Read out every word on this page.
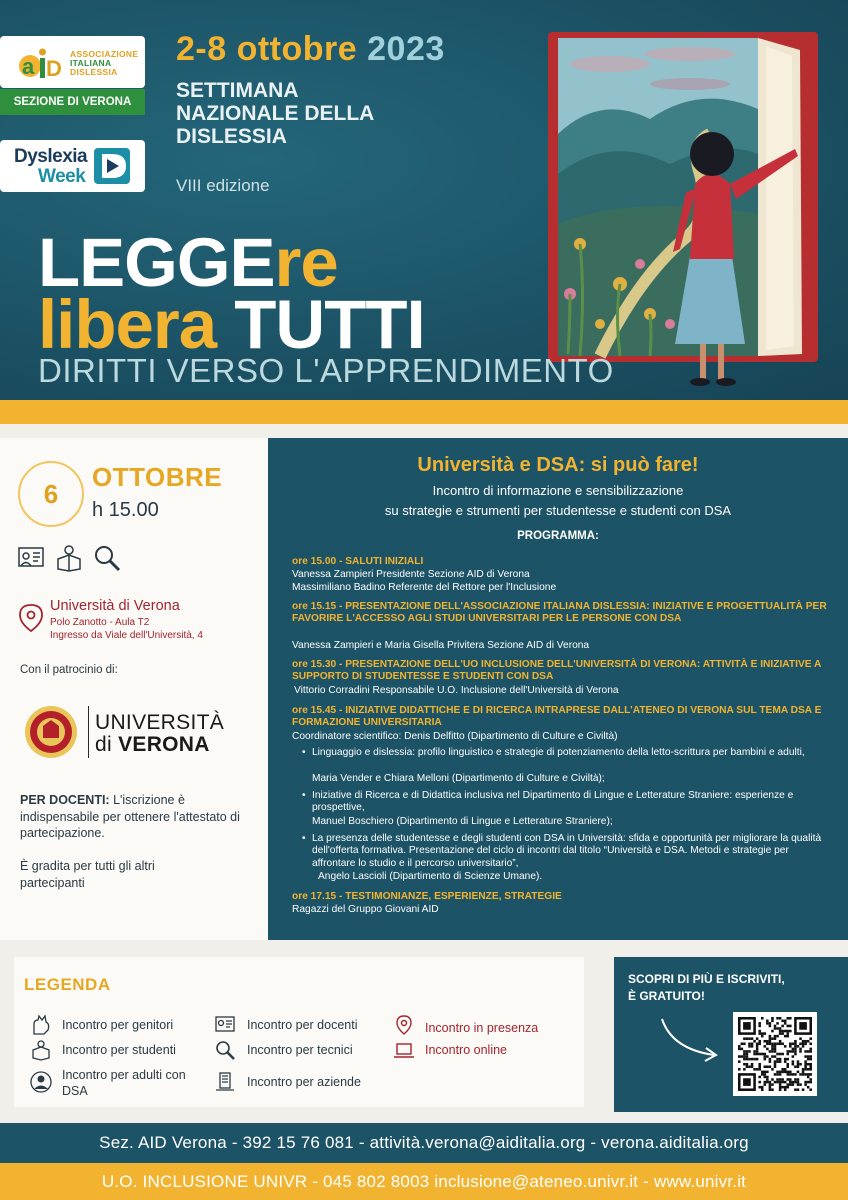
a D
ASSOCIAZIONE
ITALIANA
DISLESSIA
SEZIONE DI VERONA
Dyslexia
Week
2-8 ottobre 2023
SETTIMANA NAZIONALE DELLA DISLESSIA
VIII edizione
LEGGEre
libera TUTTI
DIRITTI VERSO L'APPRENDIMENTO
6
OTTOBRE
h 15.00
Università di Verona
Polo Zanotto - Aula T2
Ingresso da Viale dell'Università, 4
Con il patrocinio di:
UNIVERSITÀ
di VERONA
PER DOCENTI: L'iscrizione è indispensabile per ottenere l'attestato di partecipazione.
È gradita per tutti gli altri partecipanti
Università e DSA: si può fare!
Incontro di informazione e sensibilizzazione
su strategie e strumenti per studentesse e studenti con DSA
PROGRAMMA:
ore 15.00 - SALUTI INIZIALI
Vanessa Zampieri Presidente Sezione AID di Verona
Massimiliano Badino Referente del Rettore per l'Inclusione
ore 15.15 - PRESENTAZIONE DELL'ASSOCIAZIONE ITALIANA DISLESSIA: INIZIATIVE E PROGETTUALITÀ PER FAVORIRE L'ACCESSO AGLI STUDI UNIVERSITARI PER LE PERSONE CON DSA
Vanessa Zampieri e Maria Gisella Privitera Sezione AID di Verona
ore 15.30 - PRESENTAZIONE DELL'UO INCLUSIONE DELL'UNIVERSITÀ DI VERONA: ATTIVITÀ E INIZIATIVE A SUPPORTO DI STUDENTESSE E STUDENTI CON DSA
Vittorio Corradini Responsabile U.O. Inclusione dell'Università di Verona
ore 15.45 - INIZIATIVE DIDATTICHE E DI RICERCA INTRAPRESE DALL'ATENEO DI VERONA SUL TEMA DSA E FORMAZIONE UNIVERSITARIA
Coordinatore scientifico: Denis Delfitto (Dipartimento di Culture e Civiltà)
• Linguaggio e dislessia: profilo linguistico e strategie di potenziamento della letto-scrittura per bambini e adulti,
Maria Vender e Chiara Melloni (Dipartimento di Culture e Civiltà);
• Iniziative di Ricerca e di Didattica inclusiva nel Dipartimento di Lingue e Letterature Straniere: esperienze e prospettive,
Manuel Boschiero (Dipartimento di Lingue e Letterature Straniere);
• La presenza delle studentesse e degli studenti con DSA in Università: sfida e opportunità per migliorare la qualità dell'offerta formativa. Presentazione del ciclo di incontri dal titolo “Università e DSA. Metodi e strategie per affrontare lo studio e il percorso universitario”,
Angelo Lascioli (Dipartimento di Scienze Umane).
ore 17.15 - TESTIMONIANZE, ESPERIENZE, STRATEGIE
Ragazzi del Gruppo Giovani AID
LEGENDA
Incontro per genitori
Incontro per studenti
Incontro per adulti con DSA
Incontro per docenti
Incontro per tecnici
Incontro per aziende
Incontro in presenza
Incontro online
SCOPRI DI PIÙ E ISCRIVITI,
È GRATUITO!
Sez. AID Verona - 392 15 76 081 - attività.verona@aiditalia.org - verona.aiditalia.org
U.O. INCLUSIONE UNIVR - 045 802 8003 inclusione@ateneo.univr.it - www.univr.it
